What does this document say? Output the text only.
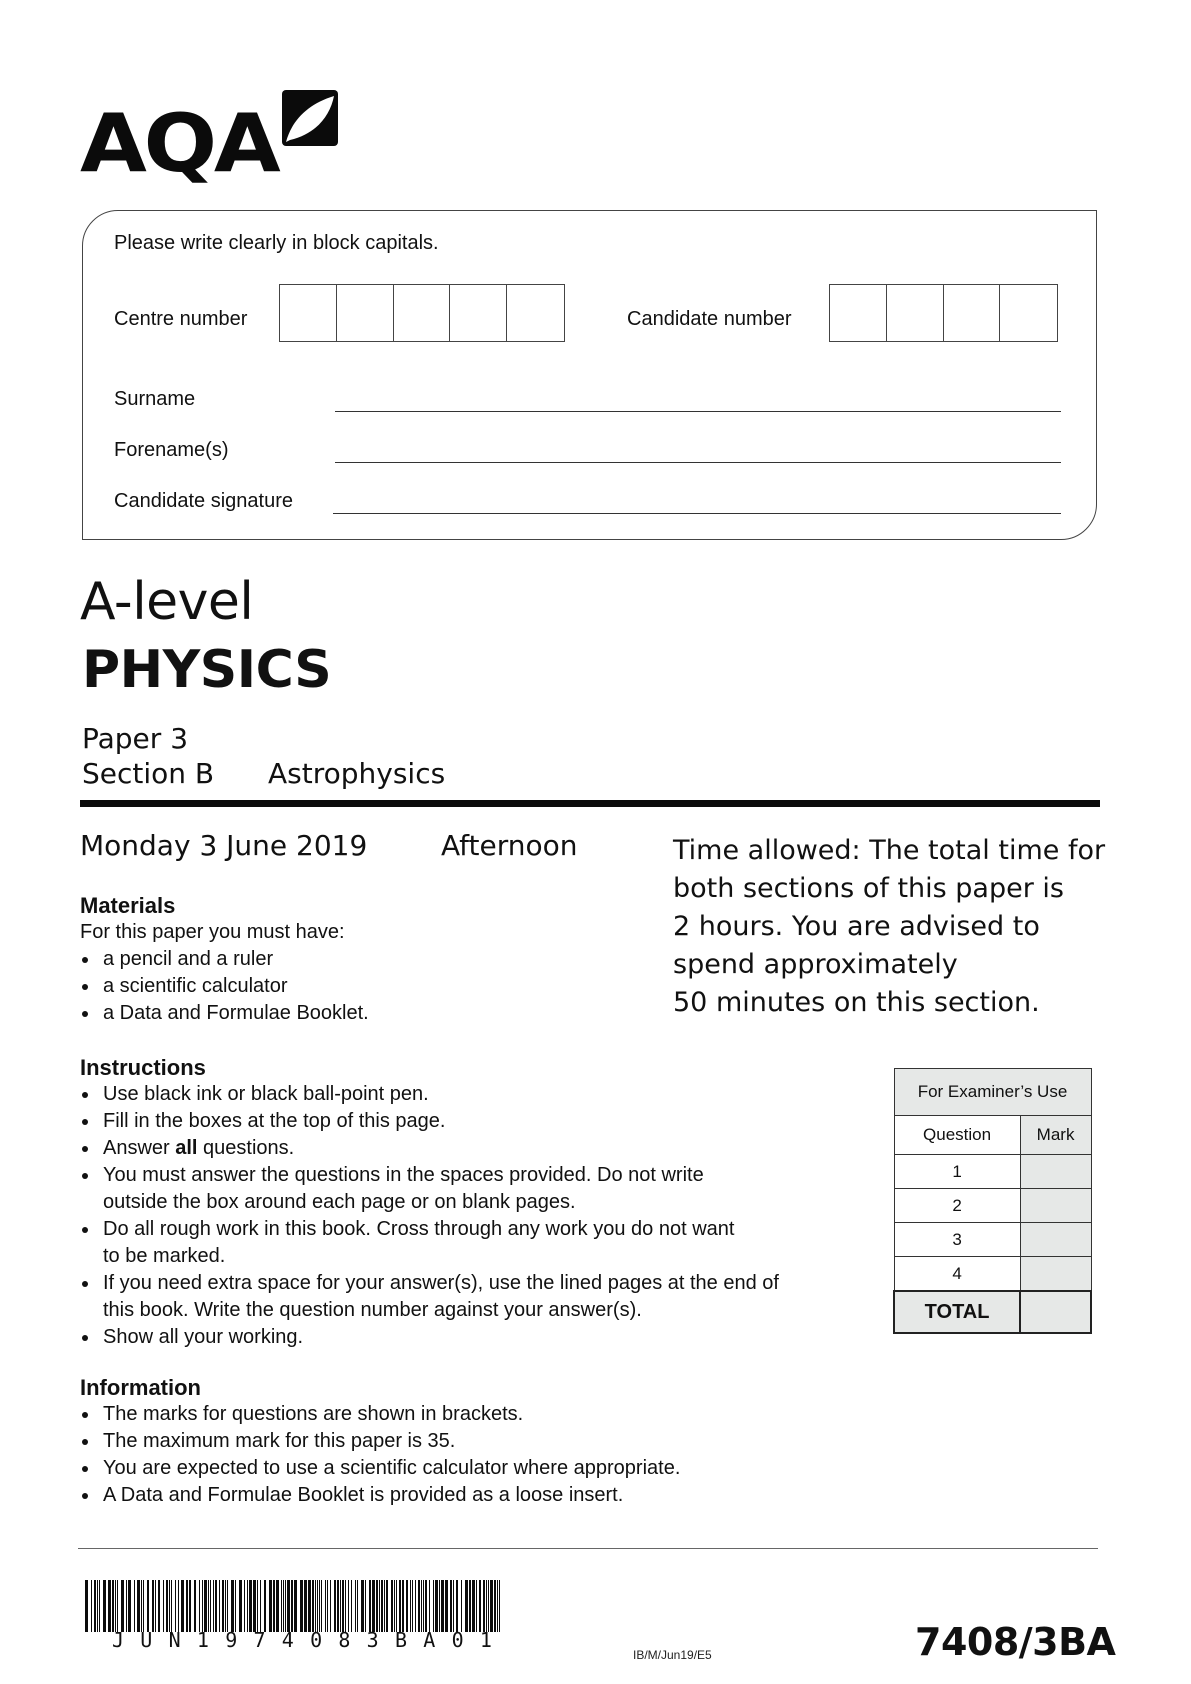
AQA
Please write clearly in block capitals.
Centre number	Candidate number
Surname
Forename(s)
Candidate signature
A-level
PHYSICS
Paper 3
Section B Astrophysics
Monday 3 June 2019	Afternoon	Time allowed: The total time for
both sections of this paper is
2 hours. You are advised to
spend approximately
50 minutes on this section.
Materials
For this paper you must have:
a pencil and a ruler
a scientific calculator
a Data and Formulae Booklet.
Instructions
Use black ink or black ball-point pen.
Fill in the boxes at the top of this page.
Answer all questions.
You must answer the questions in the spaces provided. Do not write
outside the box around each page or on blank pages.
Do all rough work in this book. Cross through any work you do not want
to be marked.
If you need extra space for your answer(s), use the lined pages at the end of
this book. Write the question number against your answer(s).
Show all your working.
Information
The marks for questions are shown in brackets.
The maximum mark for this paper is 35.
You are expected to use a scientific calculator where appropriate.
A Data and Formulae Booklet is provided as a loose insert.
For Examiner’s Use	
Question	Mark
1	
2	
3	
4	
TOTAL	
J U N 1 9 7 4 0 8 3 B A 0 1
IB/M/Jun19/E5	7408/3BA
